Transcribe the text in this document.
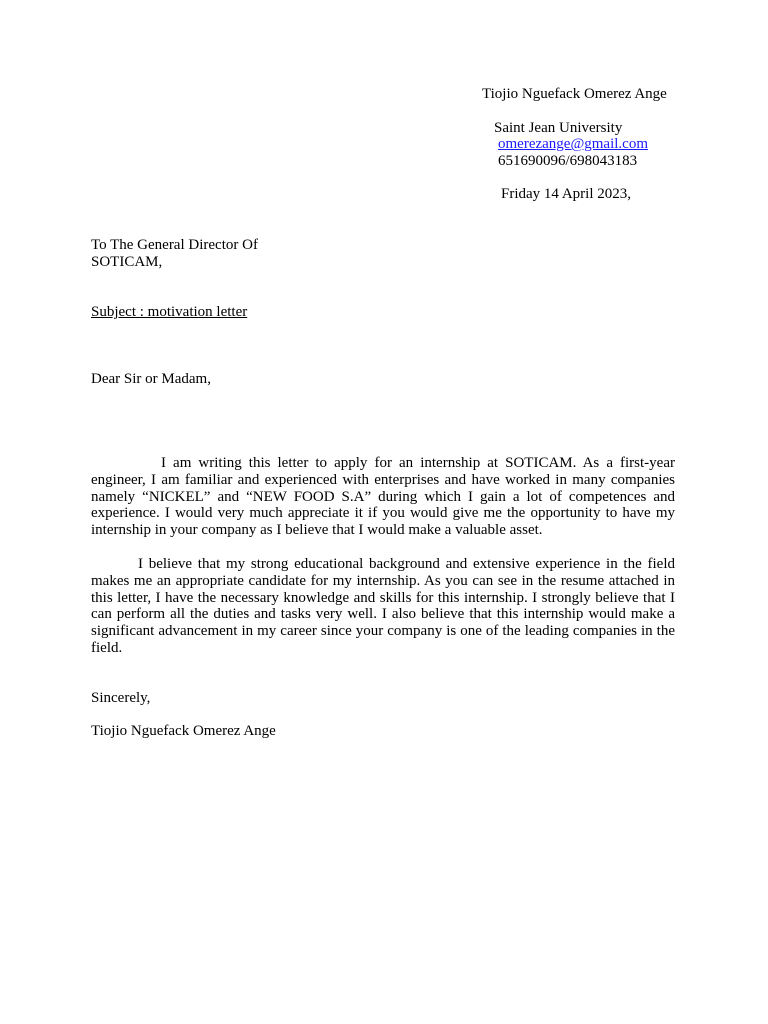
Tiojio Nguefack Omerez Ange
Saint Jean University
omerezange@gmail.com
651690096/698043183
Friday 14 April 2023,
To The General Director Of
SOTICAM,
Subject : motivation letter
Dear Sir or Madam,

I am writing this letter to apply for an internship at SOTICAM. As a first-year engineer, I am familiar and experienced with enterprises and have worked in many companies namely “NICKEL” and “NEW FOOD S.A” during which I gain a lot of competences and experience. I would very much appreciate it if you would give me the opportunity to have my internship in your company as I believe that I would make a valuable asset.

I believe that my strong educational background and extensive experience in the field makes me an appropriate candidate for my internship. As you can see in the resume attached in this letter, I have the necessary knowledge and skills for this internship. I strongly believe that I can perform all the duties and tasks very well. I also believe that this internship would make a significant advancement in my career since your company is one of the leading companies in the field.

Sincerely,
Tiojio Nguefack Omerez Ange
